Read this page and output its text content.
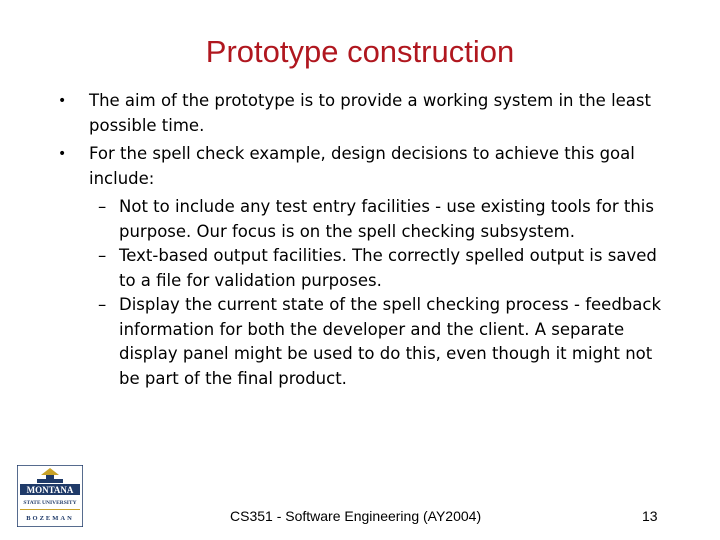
Prototype construction
• The aim of the prototype is to provide a working system in the least possible time.
• For the spell check example, design decisions to achieve this goal include:
– Not to include any test entry facilities - use existing tools for this purpose. Our focus is on the spell checking subsystem.
– Text-based output facilities. The correctly spelled output is saved to a file for validation purposes.
– Display the current state of the spell checking process - feedback information for both the developer and the client. A separate display panel might be used to do this, even though it might not be part of the final product.
MONTANA
STATE UNIVERSITY
BOZEMAN	CS351 - Software Engineering (AY2004)	13
